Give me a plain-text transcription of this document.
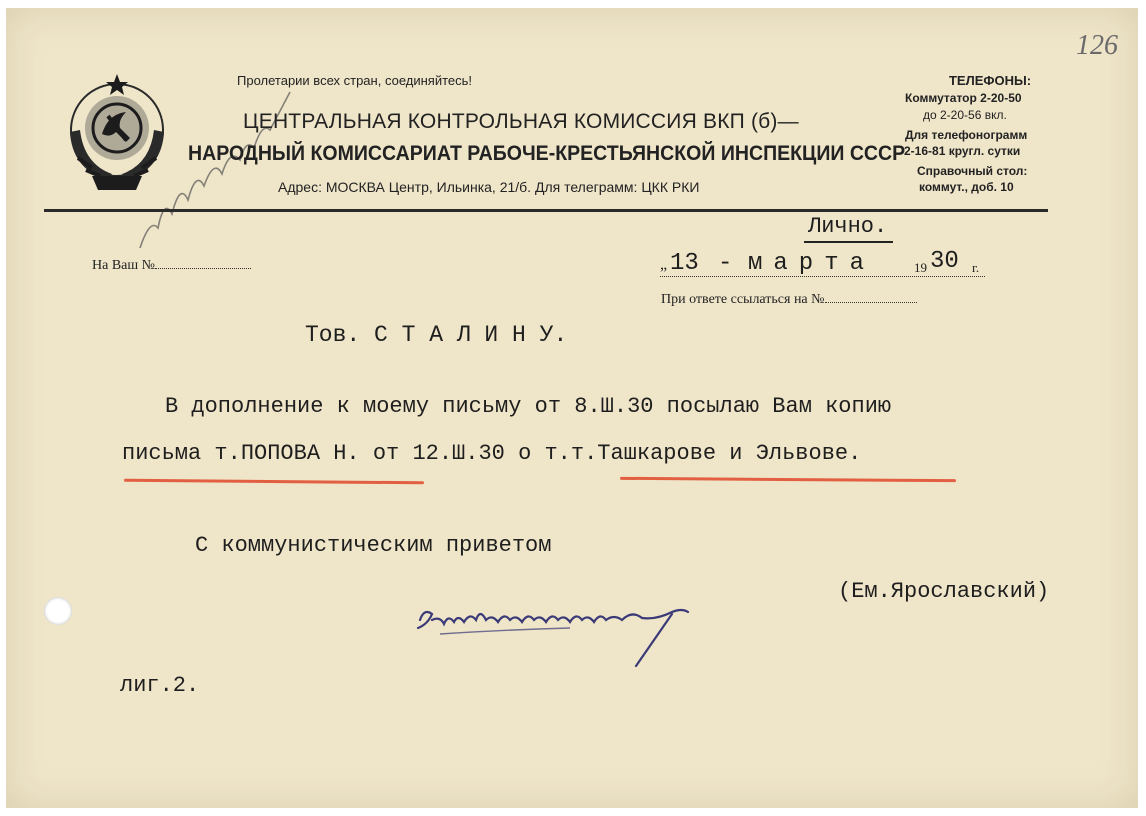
126
Пролетарии всех стран, соединяйтесь!
ЦЕНТРАЛЬНАЯ КОНТРОЛЬНАЯ КОМИССИЯ ВКП (б)—
НАРОДНЫЙ КОМИССАРИАТ РАБОЧЕ-КРЕСТЬЯНСКОЙ ИНСПЕКЦИИ СССР
Адрес: МОСКВА Центр, Ильинка, 21/б. Для телеграмм: ЦКК РКИ
ТЕЛЕФОНЫ:
Коммутатор 2-20-50
до 2-20-56 вкл.
Для телефонограмм
2-16-81 кругл. сутки
Справочный стол:
коммут., доб. 10
Лично.
На Ваш №	„ 13 - марта	19 30 г.
При ответе ссылаться на №
Тов. С Т А Л И Н У.
В дополнение к моему письму от 8.Ш.30 посылаю Вам копию
письма т.ПОПОВА Н. от 12.Ш.30 о т.т.Ташкарове и Эльвове.
С коммунистическим приветом
(Ем.Ярославский)
лиг.2.
